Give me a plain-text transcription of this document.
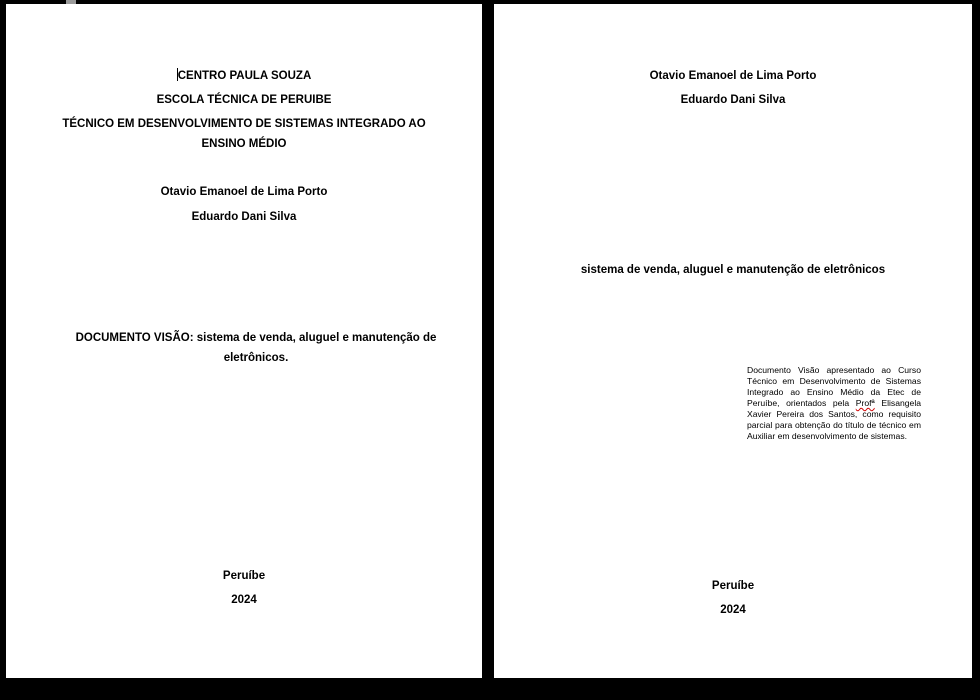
CENTRO PAULA SOUZA
ESCOLA TÉCNICA DE PERUIBE
TÉCNICO EM DESENVOLVIMENTO DE SISTEMAS INTEGRADO AO
ENSINO MÉDIO
Otavio Emanoel de Lima Porto
Eduardo Dani Silva
DOCUMENTO VISÃO: sistema de venda, aluguel e manutenção de eletrônicos.
Peruíbe
2024
Otavio Emanoel de Lima Porto
Eduardo Dani Silva
sistema de venda, aluguel e manutenção de eletrônicos
Documento Visão apresentado ao Curso Técnico em Desenvolvimento de Sistemas Integrado ao Ensino Médio da Etec de Peruíbe, orientados pela Profª Elisangela Xavier Pereira dos Santos, como requisito parcial para obtenção do título de técnico em Auxiliar em desenvolvimento de sistemas.
Peruíbe
2024
